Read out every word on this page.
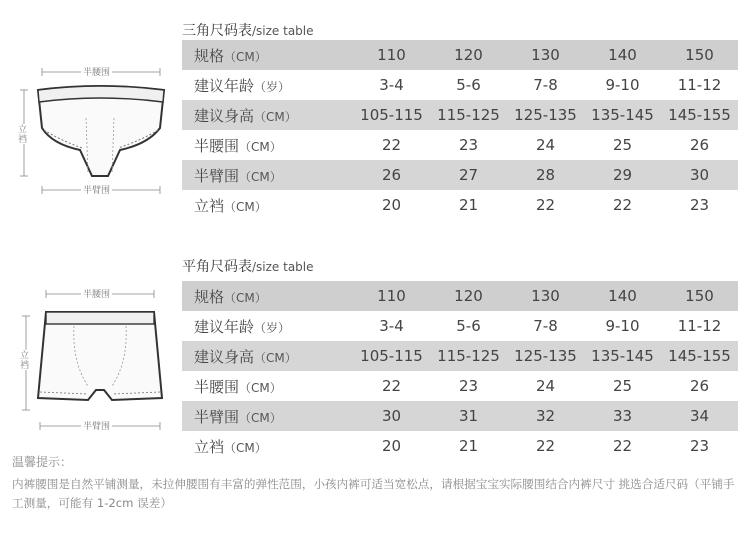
三角尺码表/size table
半腰围
立裆
半臂围
规格（CM）	110	120	130	140	150
建议年龄（岁）	3-4	5-6	7-8	9-10	11-12
建议身高（CM）	105-115	115-125	125-135	135-145	145-155
半腰围（CM）	22	23	24	25	26
半臂围（CM）	26	27	28	29	30
立裆（CM）	20	21	22	22	23
平角尺码表/size table
半腰围
立裆
半臂围
规格（CM）	110	120	130	140	150
建议年龄（岁）	3-4	5-6	7-8	9-10	11-12
建议身高（CM）	105-115	115-125	125-135	135-145	145-155
半腰围（CM）	22	23	24	25	26
半臂围（CM）	30	31	32	33	34
立裆（CM）	20	21	22	22	23
温馨提示：
内裤腰围是自然平铺测量，未拉伸腰围有丰富的弹性范围，小孩内裤可适当宽松点，请根据宝宝实际腰围结合内裤尺寸 挑选合适尺码（平铺手工测量，可能有 1-2cm 误差）
